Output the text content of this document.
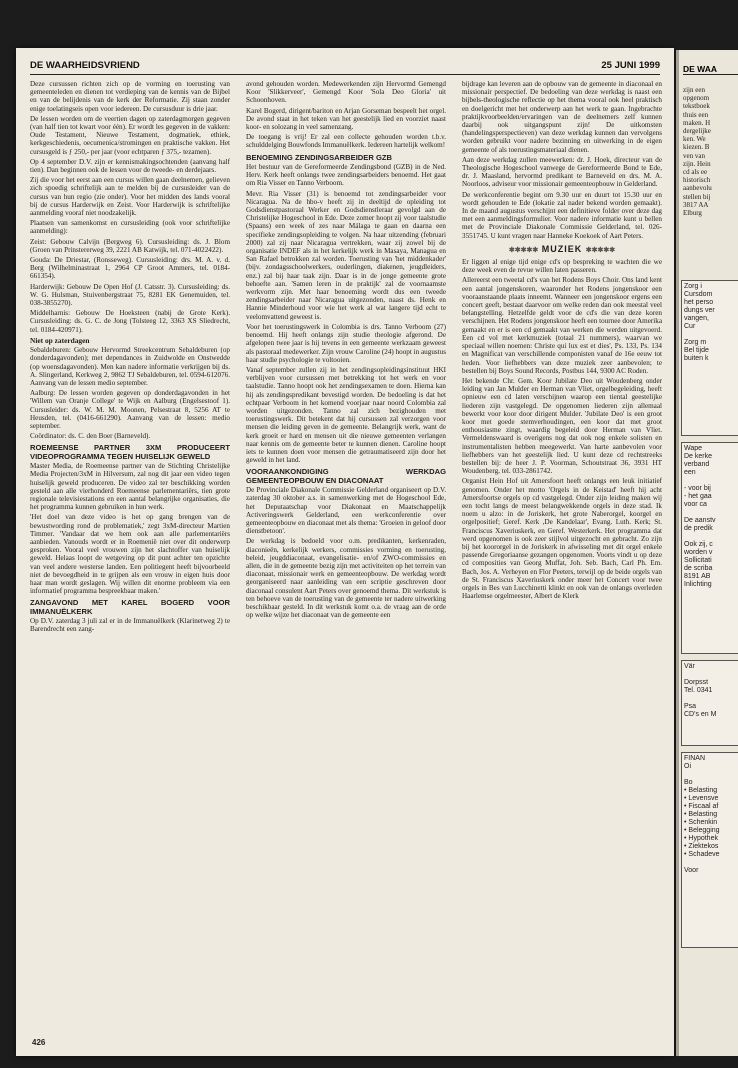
DE WAARHEIDSVRIEND	25 JUNI 1999

Deze cursussen richten zich op de vorming en toerusting van gemeenteleden en dienen tot verdieping van de kennis van de Bijbel en van de belijdenis van de kerk der Reformatie. Zij staan zonder enige toelatingseis open voor iedereen. De cursusduur is drie jaar.

De lessen worden om de veertien dagen op zaterdagmorgen gegeven (van half tien tot kwart voor één). Er wordt les gegeven in de vakken: Oude Testament, Nieuwe Testament, dogmatiek, ethiek, kerkgeschiedenis, oecumenica/stromingen en praktische vakken. Het cursusgeld is ƒ 250,- per jaar (voor echtparen ƒ 375,- tezamen).

Op 4 september D.V. zijn er kennismakingsochtenden (aanvang half tien). Dan beginnen ook de lessen voor de tweede- en derdejaars.

Zij die voor het eerst aan een cursus willen gaan deelnemen, gelieven zich spoedig schriftelijk aan te melden bij de cursusleider van de cursus van hun regio (zie onder). Voor het midden des lands vooral bij de cursus Harderwijk en Zeist. Voor Harderwijk is schriftelijke aanmelding vooraf niet noodzakelijk.

Plaatsen van samenkomst en cursusleiding (ook voor schriftelijke aanmelding):

Zeist: Gebouw Calvijn (Bergweg 6). Cursusleiding: ds. J. Blom (Groen van Prinstererweg 39, 2221 AB Katwijk, tel. 071-4022422).

Gouda: De Driestar, (Ronsseweg). Cursusleiding: drs. M. A. v. d. Berg (Wilhelminastraat 1, 2964 CP Groot Ammers, tel. 0184-661354).

Harderwijk: Gebouw De Open Hof (J. Catsstr. 3). Cursusleiding: ds. W. G. Hulsman, Stuivenbergstraat 75, 8281 EK Genemuiden, tel. 038-3855270).

Middelharnis: Gebouw De Hoeksteen (nabij de Grote Kerk). Cursusleiding: ds. G. C. de Jong (Tolsteeg 12, 3363 XS Sliedrecht, tel. 0184-420971).

Niet op zaterdagen

Sebaldeburen: Gebouw Hervormd Streekcentrum Sebaldeburen (op donderdagavonden); met dependances in Zuidwolde en Onstwedde (op woensdagavonden). Men kan nadere informatie verkrijgen bij ds. A. Slingerland, Kerkweg 2, 9862 TJ Sebaldeburen, tel. 0594-612076. Aanvang van de lessen medio september.

Aalburg: De lessen worden gegeven op donderdagavonden in het 'Willem van Oranje College' te Wijk en Aalburg (Engelsestoof 1). Cursusleider: ds. W. M. M. Moonen, Pelsestraat 8, 5256 AT te Heusden, tel. (0416-661290). Aanvang van de lessen: medio september.

Coördinator: ds. C. den Boer (Barneveld).

ROEMEENSE PARTNER 3XM PRODUCEERT VIDEOPROGRAMMA TEGEN HUISELIJK GEWELD

Master Media, de Roemeense partner van de Stichting Christelijke Media Projecten/3xM in Hilversum, zal nog dit jaar een video tegen huiselijk geweld produceren. De video zal ter beschikking worden gesteld aan alle vierhonderd Roemeense parlementariërs, tien grote regionale televisiestations en een aantal belangrijke organisaties, die het programma kunnen gebruiken in hun werk.

'Het doel van deze video is het op gang brengen van de bewustwording rond de problematiek,' zegt 3xM-directeur Martien Timmer. 'Vandaar dat we hem ook aan alle parlementariërs aanbieden. Vanouds wordt er in Roemenië niet over dit onderwerp gesproken. Vooral veel vrouwen zijn het slachtoffer van huiselijk geweld. Helaas loopt de wetgeving op dit punt achter ten opzichte van veel andere westerse landen. Een politiegent heeft bijvoorbeeld niet de bevoegdheid in te grijpen als een vrouw in eigen huis door haar man wordt geslagen. Wij willen dit enorme probleem via een informatief programma bespreekbaar maken.'

ZANGAVOND MET KAREL BOGERD VOOR IMMANUËLKERK

Op D.V. zaterdag 3 juli zal er in de Immanuëlkerk (Klarinetweg 2) te Barendrecht een zang-

avond gehouden worden. Medewerkenden zijn Hervormd Gemengd Koor 'Slikkerveer', Gemengd Koor 'Sola Deo Gloria' uit Schoonhoven.

Karel Bogerd, dirigent/bariton en Arjan Gorseman bespeelt het orgel. De avond staat in het teken van het geestelijk lied en voorziet naast koor- en solozang in veel samenzang.

De toegang is vrij! Er zal een collecte gehouden worden t.b.v. schulddelging Bouwfonds Immanuëlkerk. Iedereen hartelijk welkom!

BENOEMING ZENDINGSARBEIDER GZB

Het bestuur van de Gereformeerde Zendingsbond (GZB) in de Ned. Herv. Kerk heeft onlangs twee zendingsarbeiders benoemd. Het gaat om Ria Visser en Tanno Verboom.

Mevr. Ria Visser (31) is benoemd tot zendingsarbeider voor Nicaragua. Na de hbo-v heeft zij in deeltijd de opleiding tot Godsdienstpastoraal Werker en Godsdienstleraar gevolgd aan de Christelijke Hogeschool in Ede. Deze zomer hoopt zij voor taalstudie (Spaans) een week of zes naar Málaga te gaan en daarna een specifieke zendingsopleiding te volgen. Na haar uitzending (februari 2000) zal zij naar Nicaragua vertrekken, waar zij zowel bij de organisatie INDEF als in het kerkelijk werk in Masaya, Managua en San Rafael betrokken zal worden. Toerusting van 'het middenkader' (bijv. zondagsschoolwerkers, ouderlingen, diakenen, jeugdleiders, enz.) zal bij haar taak zijn. Daar is in de jonge gemeente grote behoefte aan. 'Samen leren in de praktijk' zal de voornaamste werkvorm zijn. Met haar benoeming wordt dus een tweede zendingsarbeider naar Nicaragua uitgezonden, naast ds. Henk en Hannie Minderhoud voor wie het werk al wat langere tijd echt te veelomvattend geweest is.

Voor het toerustingswerk in Colombia is drs. Tanno Verboom (27) benoemd. Hij heeft onlangs zijn studie theologie afgerond. De afgelopen twee jaar is hij tevens in een gemeente werkzaam geweest als pastoraal medewerker. Zijn vrouw Caroline (24) hoopt in augustus haar studie psychologie te voltooien.

Vanaf september zullen zij in het zendingsopleidingsinstituut HKI verblijven voor cursussen met betrekking tot het werk en voor taalstudie. Tanno hoopt ook het zendingsexamen te doen. Hierna kan hij als zendingspredikant bevestigd worden. De bedoeling is dat het echtpaar Verboom in het komend voorjaar naar noord Colombia zal worden uitgezonden. Tanno zal zich bezighouden met toerustingswerk. Dit betekent dat hij cursussen zal verzorgen voor mensen die leiding geven in de gemeente. Belangrijk werk, want de kerk groeit er hard en mensen uit die nieuwe gemeenten verlangen naar kennis om de gemeente beter te kunnen dienen. Caroline hoopt iets te kunnen doen voor mensen die getraumatiseerd zijn door het geweld in het land.

VOORAANKONDIGING WERKDAG GEMEENTEOPBOUW EN DIACONAAT

De Provinciale Diakonale Commissie Gelderland organiseert op D.V. zaterdag 30 oktober a.s. in samenwerking met de Hogeschool Ede, het Deputaatschap voor Diakonaat en Maatschappelijk Activeringswerk Gelderland, een werkconferentie over gemeenteopbouw en diaconaat met als thema: 'Groeien in geloof door dienstbetoon'.

De werkdag is bedoeld voor o.m. predikanten, kerkenraden, diaconieën, kerkelijk werkers, commissies vorming en toerusting, beleid, jeugddiaconaat, evangelisatie- en/of ZWO-commissies en allen, die in de gemeente bezig zijn met activiteiten op het terrein van diaconaat, missionair werk en gemeenteopbouw. De werkdag wordt georganiseerd naar aanleiding van een scriptie geschreven door diaconaal consulent Aart Peters over genoemd thema. Dit werkstuk is ten behoeve van de toerusting van de gemeente ter nadere uitwerking beschikbaar gesteld. In dit werkstuk komt o.a. de vraag aan de orde op welke wijze het diaconaat van de gemeente een

bijdrage kan leveren aan de opbouw van de gemeente in diaconaal en missionair perspectief. De bedoeling van deze werkdag is naast een bijbels-theologische reflectie op het thema vooral ook heel praktisch en doelgericht met het onderwerp aan het werk te gaan. Ingebrachte praktijkvoorbeelden/ervaringen van de deelnemers zelf kunnen daarbij ook uitgangspunt zijn! De uitkomsten (handelingsperspectieven) van deze werkdag kunnen dan vervolgens worden gebruikt voor nadere bezinning en uitwerking in de eigen gemeente of als toerustingsmateriaal dienen.

Aan deze werkdag zullen meewerken: dr. J. Hoek, directeur van de Theologische Hogeschool vanwege de Gereformeerde Bond te Ede, dr. J. Maasland, hervormd predikant te Barneveld en drs. M. A. Noorloos, adviseur voor missionair gemeenteopbouw in Gelderland.

De werkconferentie begint om 9.30 uur en duurt tot 15.30 uur en wordt gehouden te Ede (lokatie zal nader bekend worden gemaakt). In de maand augustus verschijnt een definitieve folder over deze dag met een aanmeldingsformulier. Voor nadere informatie kunt u bellen met de Provinciale Diakonale Commissie Gelderland, tel. 026-3551745. U kunt vragen naar Hanneke Koekoek of Aart Peters.

✱✱✱✱✱ MUZIEK ✱✱✱✱✱

Er liggen al enige tijd enige cd's op bespreking te wachten die we deze week even de revue willen laten passeren.

Allereerst een tweetal cd's van het Rodens Boys Choir. Ons land kent een aantal jongenskoren, waaronder het Rodens jongenskoor een vooraanstaande plaats inneemt. Wanneer een jongenskoor ergens een concert geeft, bestaat daarvoor om welke reden dan ook meestal veel belangstelling. Hetzelfde geldt voor de cd's die van deze koren verschijnen. Het Rodens jongenskoor heeft een tournee door Amerika gemaakt en er is een cd gemaakt van werken die werden uitgevoerd. Een cd vol met kerkmuziek (totaal 21 nummers), waarvan we speciaal willen noemen: Christe qui lux est et dies', Ps. 133, Ps. 134 en Magnificat van verschillende componisten vanaf de 16e eeuw tot heden. Voor liefhebbers van deze muziek zeer aanbevolen; te bestellen bij Boys Sound Records, Postbus 144, 9300 AC Roden.

Het bekende Chr. Gem. Koor Jubilate Deo uit Woudenberg onder leiding van Jan Mulder en Herman van Vliet, orgelbegeleiding, heeft opnieuw een cd laten verschijnen waarop een tiental geestelijke liederen zijn vastgelegd. De opgenomen liederen zijn allemaal bewerkt voor koor door dirigent Mulder. 'Jubilate Deo' is een groot koor met goede stemverhoudingen, een koor dat met groot enthousiasme zingt, waardig begeleid door Herman van Vliet. Vermeldenswaard is overigens nog dat ook nog enkele solisten en instrumentalisten hebben meegewerkt. Van harte aanbevolen voor liefhebbers van het geestelijk lied. U kunt deze cd rechtstreeks bestellen bij: de heer J. P. Voorman, Schoutstraat 36, 3931 HT Woudenberg, tel. 033-2861742.

Organist Hein Hof uit Amersfoort heeft onlangs een leuk initiatief genomen. Onder het motto 'Orgels in de Keistad' heeft hij acht Amersfoortse orgels op cd vastgelegd. Onder zijn leiding maken wij een tocht langs de meest belangwekkende orgels in deze stad. Ik noem u alzo: in de Joriskerk, het grote Naberorgel, koorgel en orgelpositief; Geref. Kerk ,De Kandelaar', Evang. Luth. Kerk; St. Franciscus Xaveriuskerk, en Geref. Westerkerk. Het programma dat werd opgenomen is ook zeer stijlvol uitgezocht en gebracht. Zo zijn bij het koororgel in de Joriskerk in afwisseling met dit orgel enkele passende Gregoriaanse gezangen opgenomen. Voorts vindt u op deze cd composities van Georg Muffat, Joh. Seb. Bach, Carl Ph. Em. Bach, Jos. A. Verheyen en Flor Peeters, terwijl op de beide orgels van de St. Franciscus Xaveriuskerk onder meer het Concert voor twee orgels in Bes van Lucchinetti klinkt en ook van de onlangs overleden Haarlemse orgelmeester, Albert de Klerk

426
DE WAA
zijn een
opgenom
tekstboek
thuis een
maken. H
dergelijke
ken. We
kiezen. B
ven van
zijn. Hein
cd als ee
historisch
aanbevolu
stellen bij
3817 AA
Elburg
Zorg i
Cursdom
het perso
dungs ver
vangen,
Cur

Zorg m
Bel tijde
buiten k
Wape
De kerke
verband
een

- voor bij
- het gaa
voor ca

De aanstv
de predik

Ook zij, c
worden v
Sollicitati
de scriba
8191 AB
Inlichting
Vär

Dorpsst
Tel. 0341

Psa
CD's en M
FINAN
Oi

Bo
• Belasting
• Levensve
• Fiscaal af
• Belasting
• Schenkin
• Belegging
• Hypothek
• Ziektekos
• Schadeve

Voor
